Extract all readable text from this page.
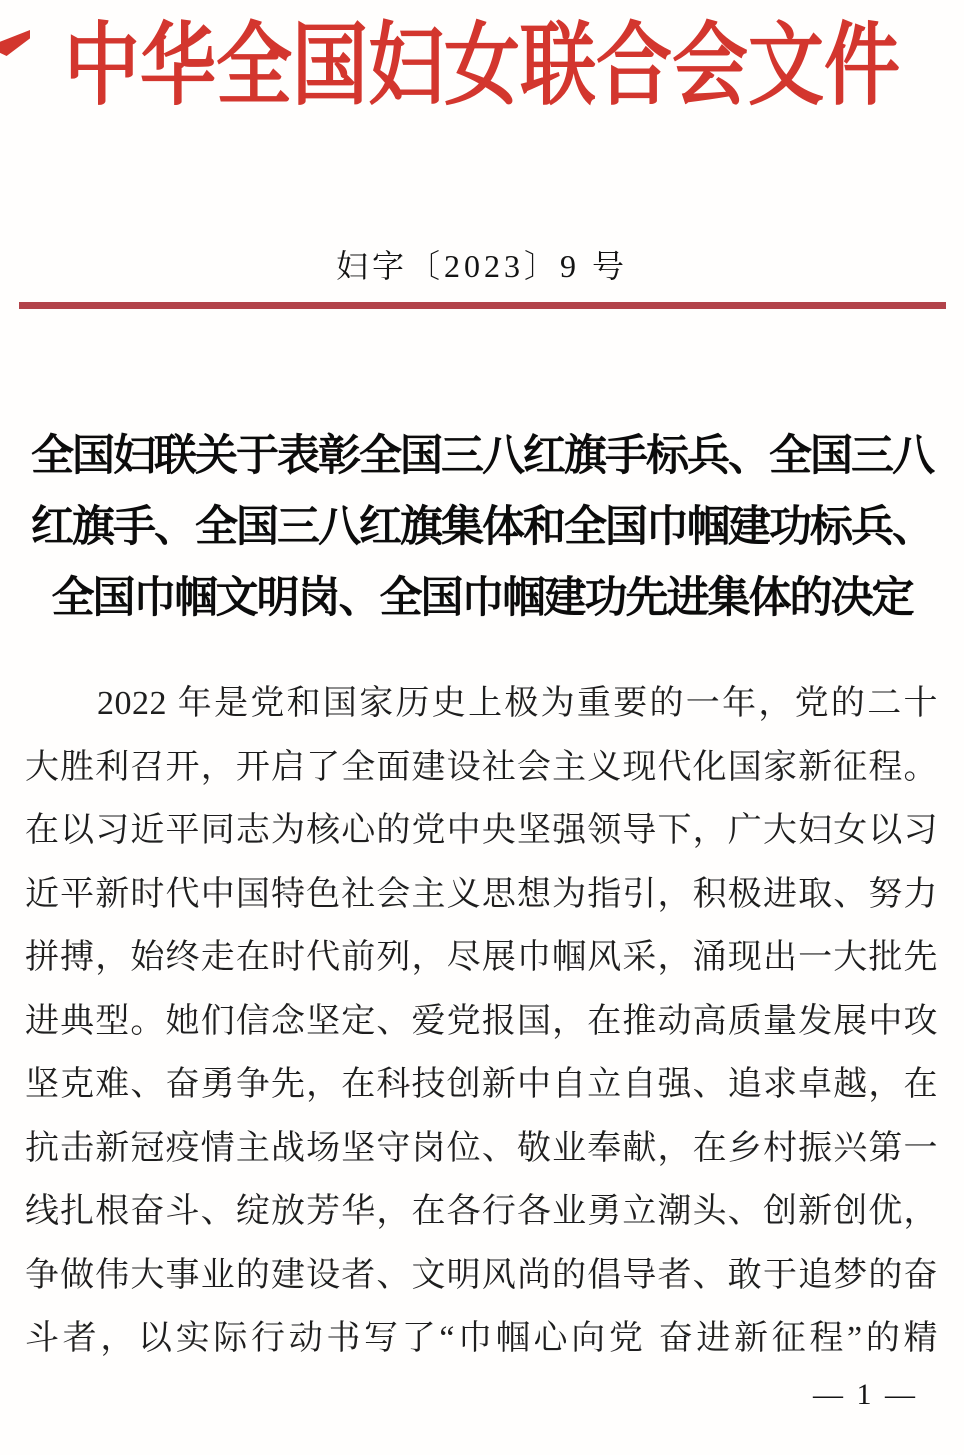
中华全国妇女联合会文件
妇字〔2023〕9 号
全国妇联关于表彰全国三八红旗手标兵、全国三八
红旗手、全国三八红旗集体和全国巾帼建功标兵、
全国巾帼文明岗、全国巾帼建功先进集体的决定

2022 年是党和国家历史上极为重要的一年，党的二十

大胜利召开，开启了全面建设社会主义现代化国家新征程。

在以习近平同志为核心的党中央坚强领导下，广大妇女以习

近平新时代中国特色社会主义思想为指引，积极进取、努力

拼搏，始终走在时代前列，尽展巾帼风采，涌现出一大批先

进典型。她们信念坚定、爱党报国，在推动高质量发展中攻

坚克难、奋勇争先，在科技创新中自立自强、追求卓越，在

抗击新冠疫情主战场坚守岗位、敬业奉献，在乡村振兴第一

线扎根奋斗、绽放芳华，在各行各业勇立潮头、创新创优，

争做伟大事业的建设者、文明风尚的倡导者、敢于追梦的奋

斗者，以实际行动书写了“巾帼心向党 奋进新征程”的精

— 1 —
